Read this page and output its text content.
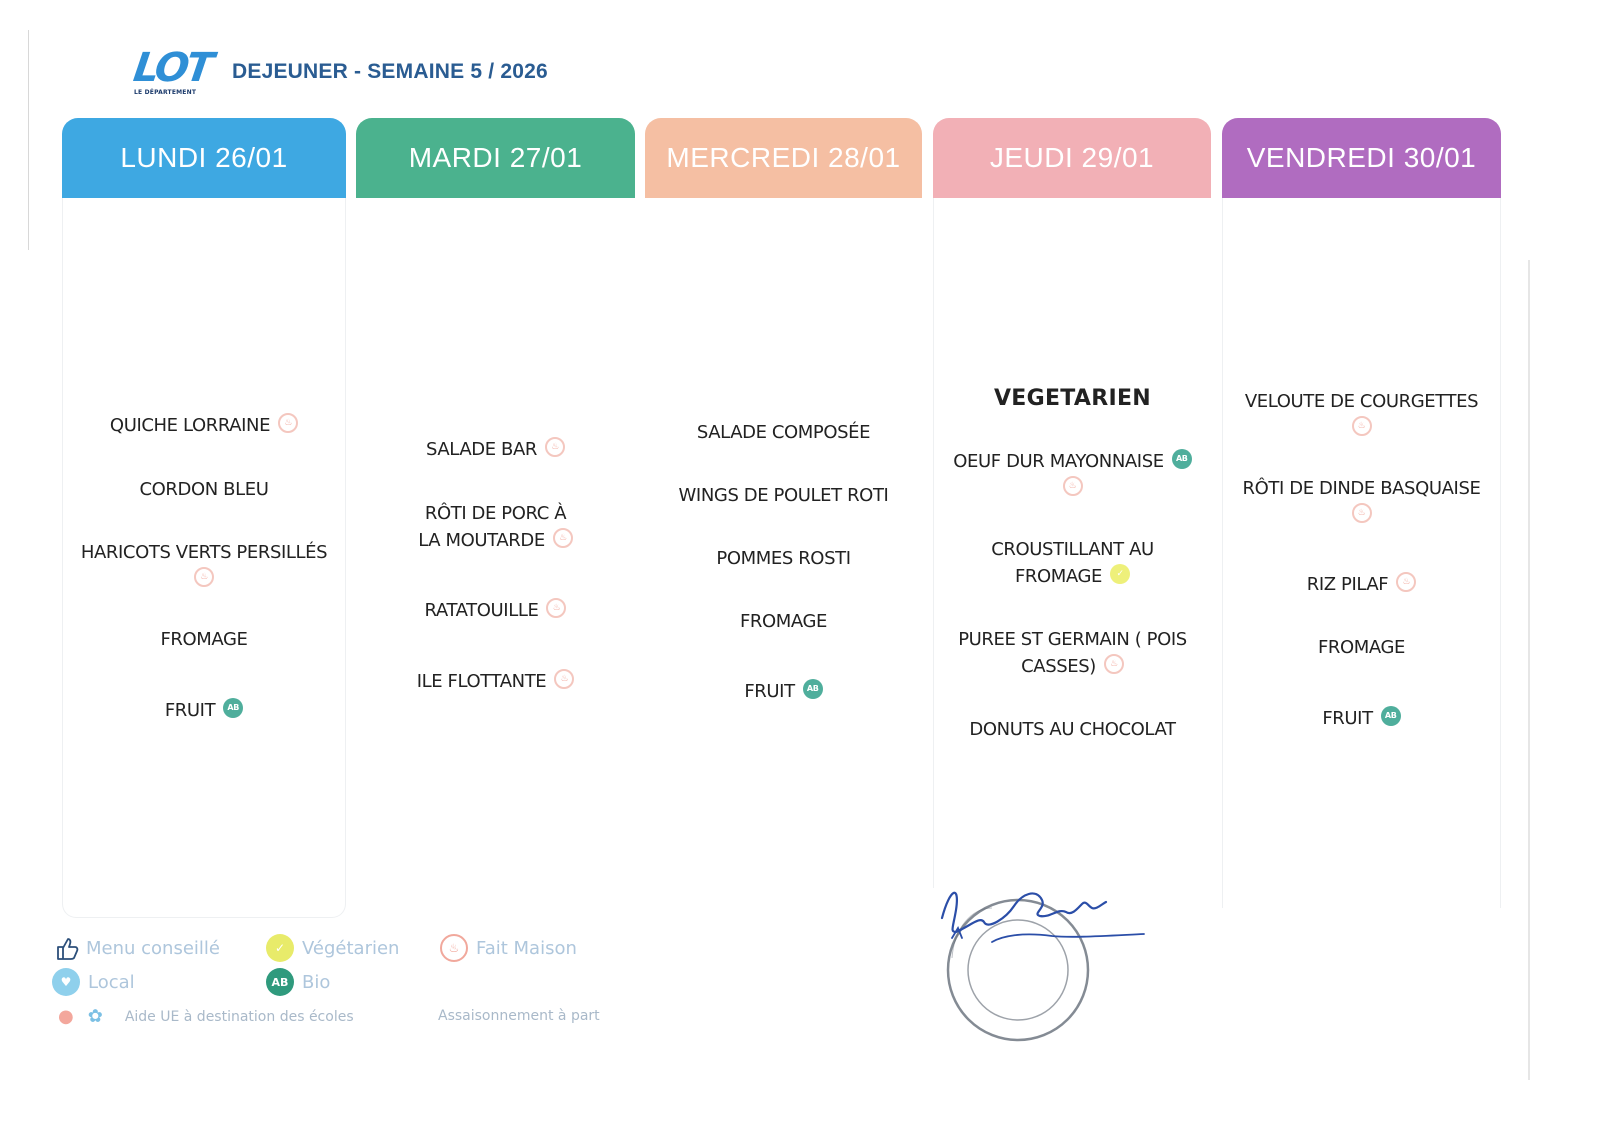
LOT
LE DÉPARTEMENT
DEJEUNER - SEMAINE 5 / 2026
LUNDI 26/01
QUICHE LORRAINE ♨
CORDON BLEU
HARICOTS VERTS PERSILLÉS
♨
FROMAGE
FRUIT AB
MARDI 27/01
SALADE BAR ♨
RÔTI DE PORC À LA MOUTARDE ♨
RATATOUILLE ♨
ILE FLOTTANTE ♨
MERCREDI 28/01
SALADE COMPOSÉE
WINGS DE POULET ROTI
POMMES ROSTI
FROMAGE
FRUIT AB
JEUDI 29/01
VEGETARIEN
OEUF DUR MAYONNAISE AB
♨
CROUSTILLANT AU FROMAGE ✓
PUREE ST GERMAIN ( POIS CASSES) ♨
DONUTS AU CHOCOLAT
VENDREDI 30/01
VELOUTE DE COURGETTES
♨
RÔTI DE DINDE BASQUAISE
♨
RIZ PILAF ♨
FROMAGE
FRUIT AB
Menu conseillé	✓ Végétarien	♨ Fait Maison
♥ Local	AB Bio
● ✿ Aide UE à destination des écoles	Assaisonnement à part
